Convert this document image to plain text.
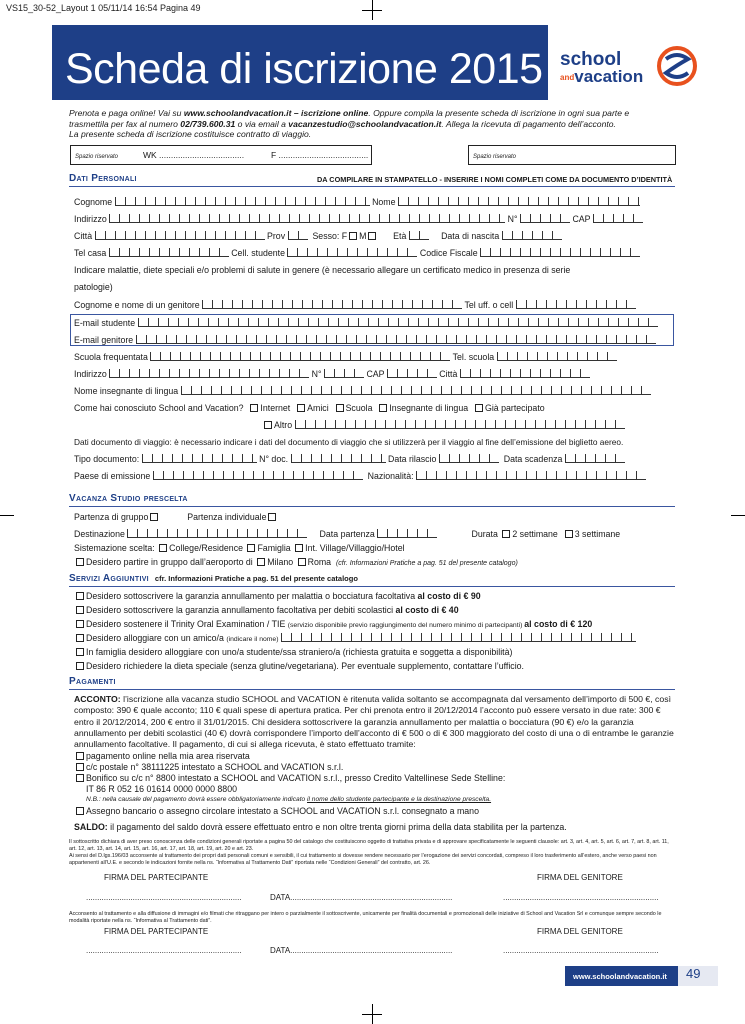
VS15_30-52_Layout 1 05/11/14 16:54 Pagina 49
Scheda di iscrizione 2015 school
andvacation
Prenota e paga online! Vai su www.schoolandvacation.it – iscrizione online. Oppure compila la presente scheda di iscrizione in ogni sua parte e
trasmettila per fax al numero 02/739.600.31 o via email a vacanzestudio@schoolandvacation.it. Allega la ricevuta di pagamento dell’acconto.
La presente scheda di iscrizione costituisce contratto di viaggio.
Spazio riservato	WK ....................................	F ......................................	Spazio riservato
Dati Personali	DA COMPILARE IN STAMPATELLO - INSERIRE I NOMI COMPLETI COME DA DOCUMENTO D’IDENTITÀ
Cognome	Nome
Indirizzo	N°	CAP
Città	Prov	Sesso: F M	Età	Data di nascita
Tel casa	Cell. studente	Codice Fiscale
Indicare malattie, diete speciali e/o problemi di salute in genere (è necessario allegare un certificato medico in presenza di serie
patologie)
Cognome e nome di un genitore	Tel uff. o cell
E-mail studente
E-mail genitore
Scuola frequentata	Tel. scuola
Indirizzo	N°	CAP	Città
Nome insegnante di lingua
Come hai conosciuto School and Vacation? Internet Amici Scuola Insegnante di lingua Già partecipato
Altro
Dati documento di viaggio: è necessario indicare i dati del documento di viaggio che si utilizzerà per il viaggio al fine dell’emissione del biglietto aereo.
Tipo documento:	N° doc.	Data rilascio	Data scadenza
Paese di emissione	Nazionalità:
Vacanza Studio prescelta
Partenza di gruppo	Partenza individuale
Destinazione	Data partenza	Durata 2 settimane 3 settimane
Sistemazione scelta: College/Residence Famiglia Int. Village/Villaggio/Hotel
Desidero partire in gruppo dall’aeroporto di Milano Roma (cfr. Informazioni Pratiche a pag. 51 del presente catalogo)
Servizi Aggiuntivi cfr. Informazioni Pratiche a pag. 51 del presente catalogo
Desidero sottoscrivere la garanzia annullamento per malattia o bocciatura facoltativa al costo di € 90
Desidero sottoscrivere la garanzia annullamento facoltativa per debiti scolastici al costo di € 40
Desidero sostenere il Trinity Oral Examination / TIE (servizio disponibile previo raggiungimento del numero minimo di partecipanti) al costo di € 120
Desidero alloggiare con un amico/a (indicare il nome)
In famiglia desidero alloggiare con uno/a studente/ssa straniero/a (richiesta gratuita e soggetta a disponibilità)
Desidero richiedere la dieta speciale (senza glutine/vegetariana). Per eventuale supplemento, contattare l’ufficio.
Pagamenti
ACCONTO: l’iscrizione alla vacanza studio SCHOOL and VACATION è ritenuta valida soltanto se accompagnata dal versamento dell’importo di 500 €, così composto: 390 € quale acconto; 110 € quali spese di apertura pratica. Per chi prenota entro il 20/12/2014 l’acconto può essere versato in due rate: 300 € entro il 20/12/2014, 200 € entro il 31/01/2015. Chi desidera sottoscrivere la garanzia annullamento per malattia o bocciatura (90 €) e/o la garanzia annullamento per debiti scolastici (40 €) dovrà corrispondere l’importo dell’acconto di € 500 o di € 300 maggiorato del costo di una o di entrambe le garanzie annullamento facoltative. Il pagamento, di cui si allega ricevuta, è stato effettuato tramite:
pagamento online nella mia area riservata
c/c postale n° 38111225 intestato a SCHOOL and VACATION s.r.l.
Bonifico su c/c n° 8800 intestato a SCHOOL and VACATION s.r.l., presso Credito Valtellinese Sede Stelline:
IT 86 R 052 16 01614 0000 0000 8800
N.B.: nella causale del pagamento dovrà essere obbligatoriamente indicato il nome dello studente partecipante e la destinazione prescelta.
Assegno bancario o assegno circolare intestato a SCHOOL and VACATION s.r.l. consegnato a mano
SALDO: il pagamento del saldo dovrà essere effettuato entro e non oltre trenta giorni prima della data stabilita per la partenza.
Il sottoscritto dichiara di aver preso conoscenza delle condizioni generali riportate a pagina 50 del catalogo che costituiscono oggetto di trattativa privata e di approvare specificatamente le seguenti clausole: art. 3, art. 4, art. 5, art. 6, art. 7, art. 8, art. 11, art. 12, art. 13, art. 14, art. 15, art. 16, art. 17, art. 18, art. 19, art. 20 e art. 23.
Ai sensi del D.lgs.196/03 acconsente al trattamento dei propri dati personali comuni e sensibili, il cui trattamento si dovesse rendere necessario per l’erogazione dei servizi concordati, compreso il loro trasferimento all’estero, anche verso paesi non appartenenti all’U.E. e secondo le indicazioni fornite nella ns. “Informativa al Trattamento Dati” riportata nelle “Condizioni Generali” del contratto, art. 26.
FIRMA DEL PARTECIPANTE	FIRMA DEL GENITORE
......................................................................	DATA.........................................................................	......................................................................
Acconsento al trattamento e alla diffusione di immagini e/o filmati che ritraggano per intero o parzialmente il sottoscrivente, unicamente per finalità documentali e promozionali delle iniziative di School and Vacation Srl e comunque sempre secondo le modalità riportate nella ns. “Informativa al Trattamento dati”.
FIRMA DEL PARTECIPANTE	FIRMA DEL GENITORE
......................................................................	DATA.........................................................................	......................................................................
www.schoolandvacation.it	49
